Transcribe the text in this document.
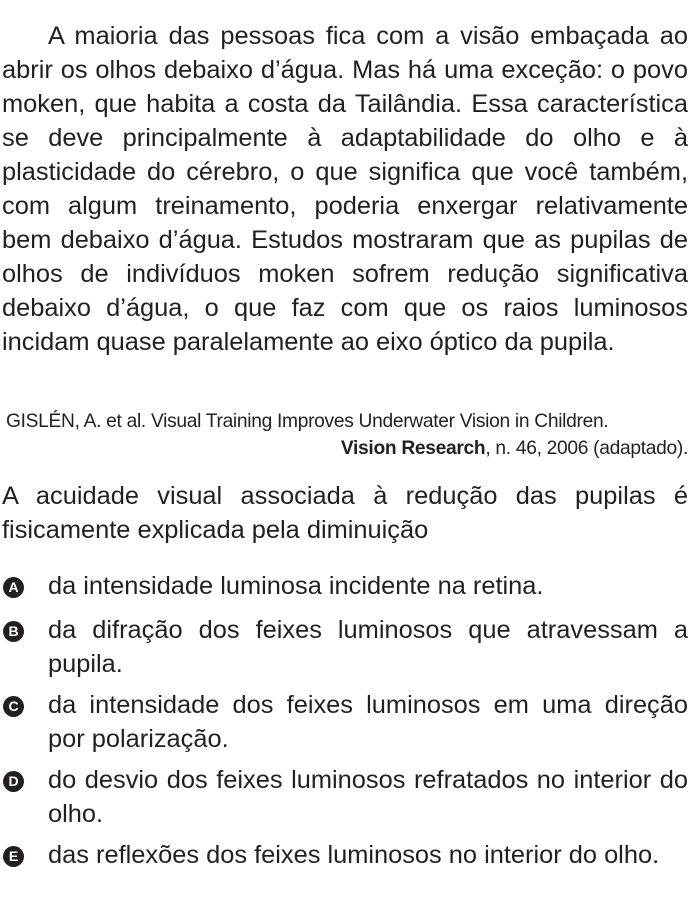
A maioria das pessoas fica com a visão embaçada ao abrir os olhos debaixo d’água. Mas há uma exceção: o povo moken, que habita a costa da Tailândia. Essa característica se deve principalmente à adaptabilidade do olho e à plasticidade do cérebro, o que significa que você também, com algum treinamento, poderia enxergar relativamente bem debaixo d’água. Estudos mostraram que as pupilas de olhos de indivíduos moken sofrem redução significativa debaixo d’água, o que faz com que os raios luminosos incidam quase paralelamente ao eixo óptico da pupila.

GISLÉN, A. et al. Visual Training Improves Underwater Vision in Children.
Vision Research, n. 46, 2006 (adaptado).

A acuidade visual associada à redução das pupilas é fisicamente explicada pela diminuição

A da intensidade luminosa incidente na retina.

B da difração dos feixes luminosos que atravessam a pupila.

C da intensidade dos feixes luminosos em uma direção por polarização.

D do desvio dos feixes luminosos refratados no interior do olho.

E das reflexões dos feixes luminosos no interior do olho.
